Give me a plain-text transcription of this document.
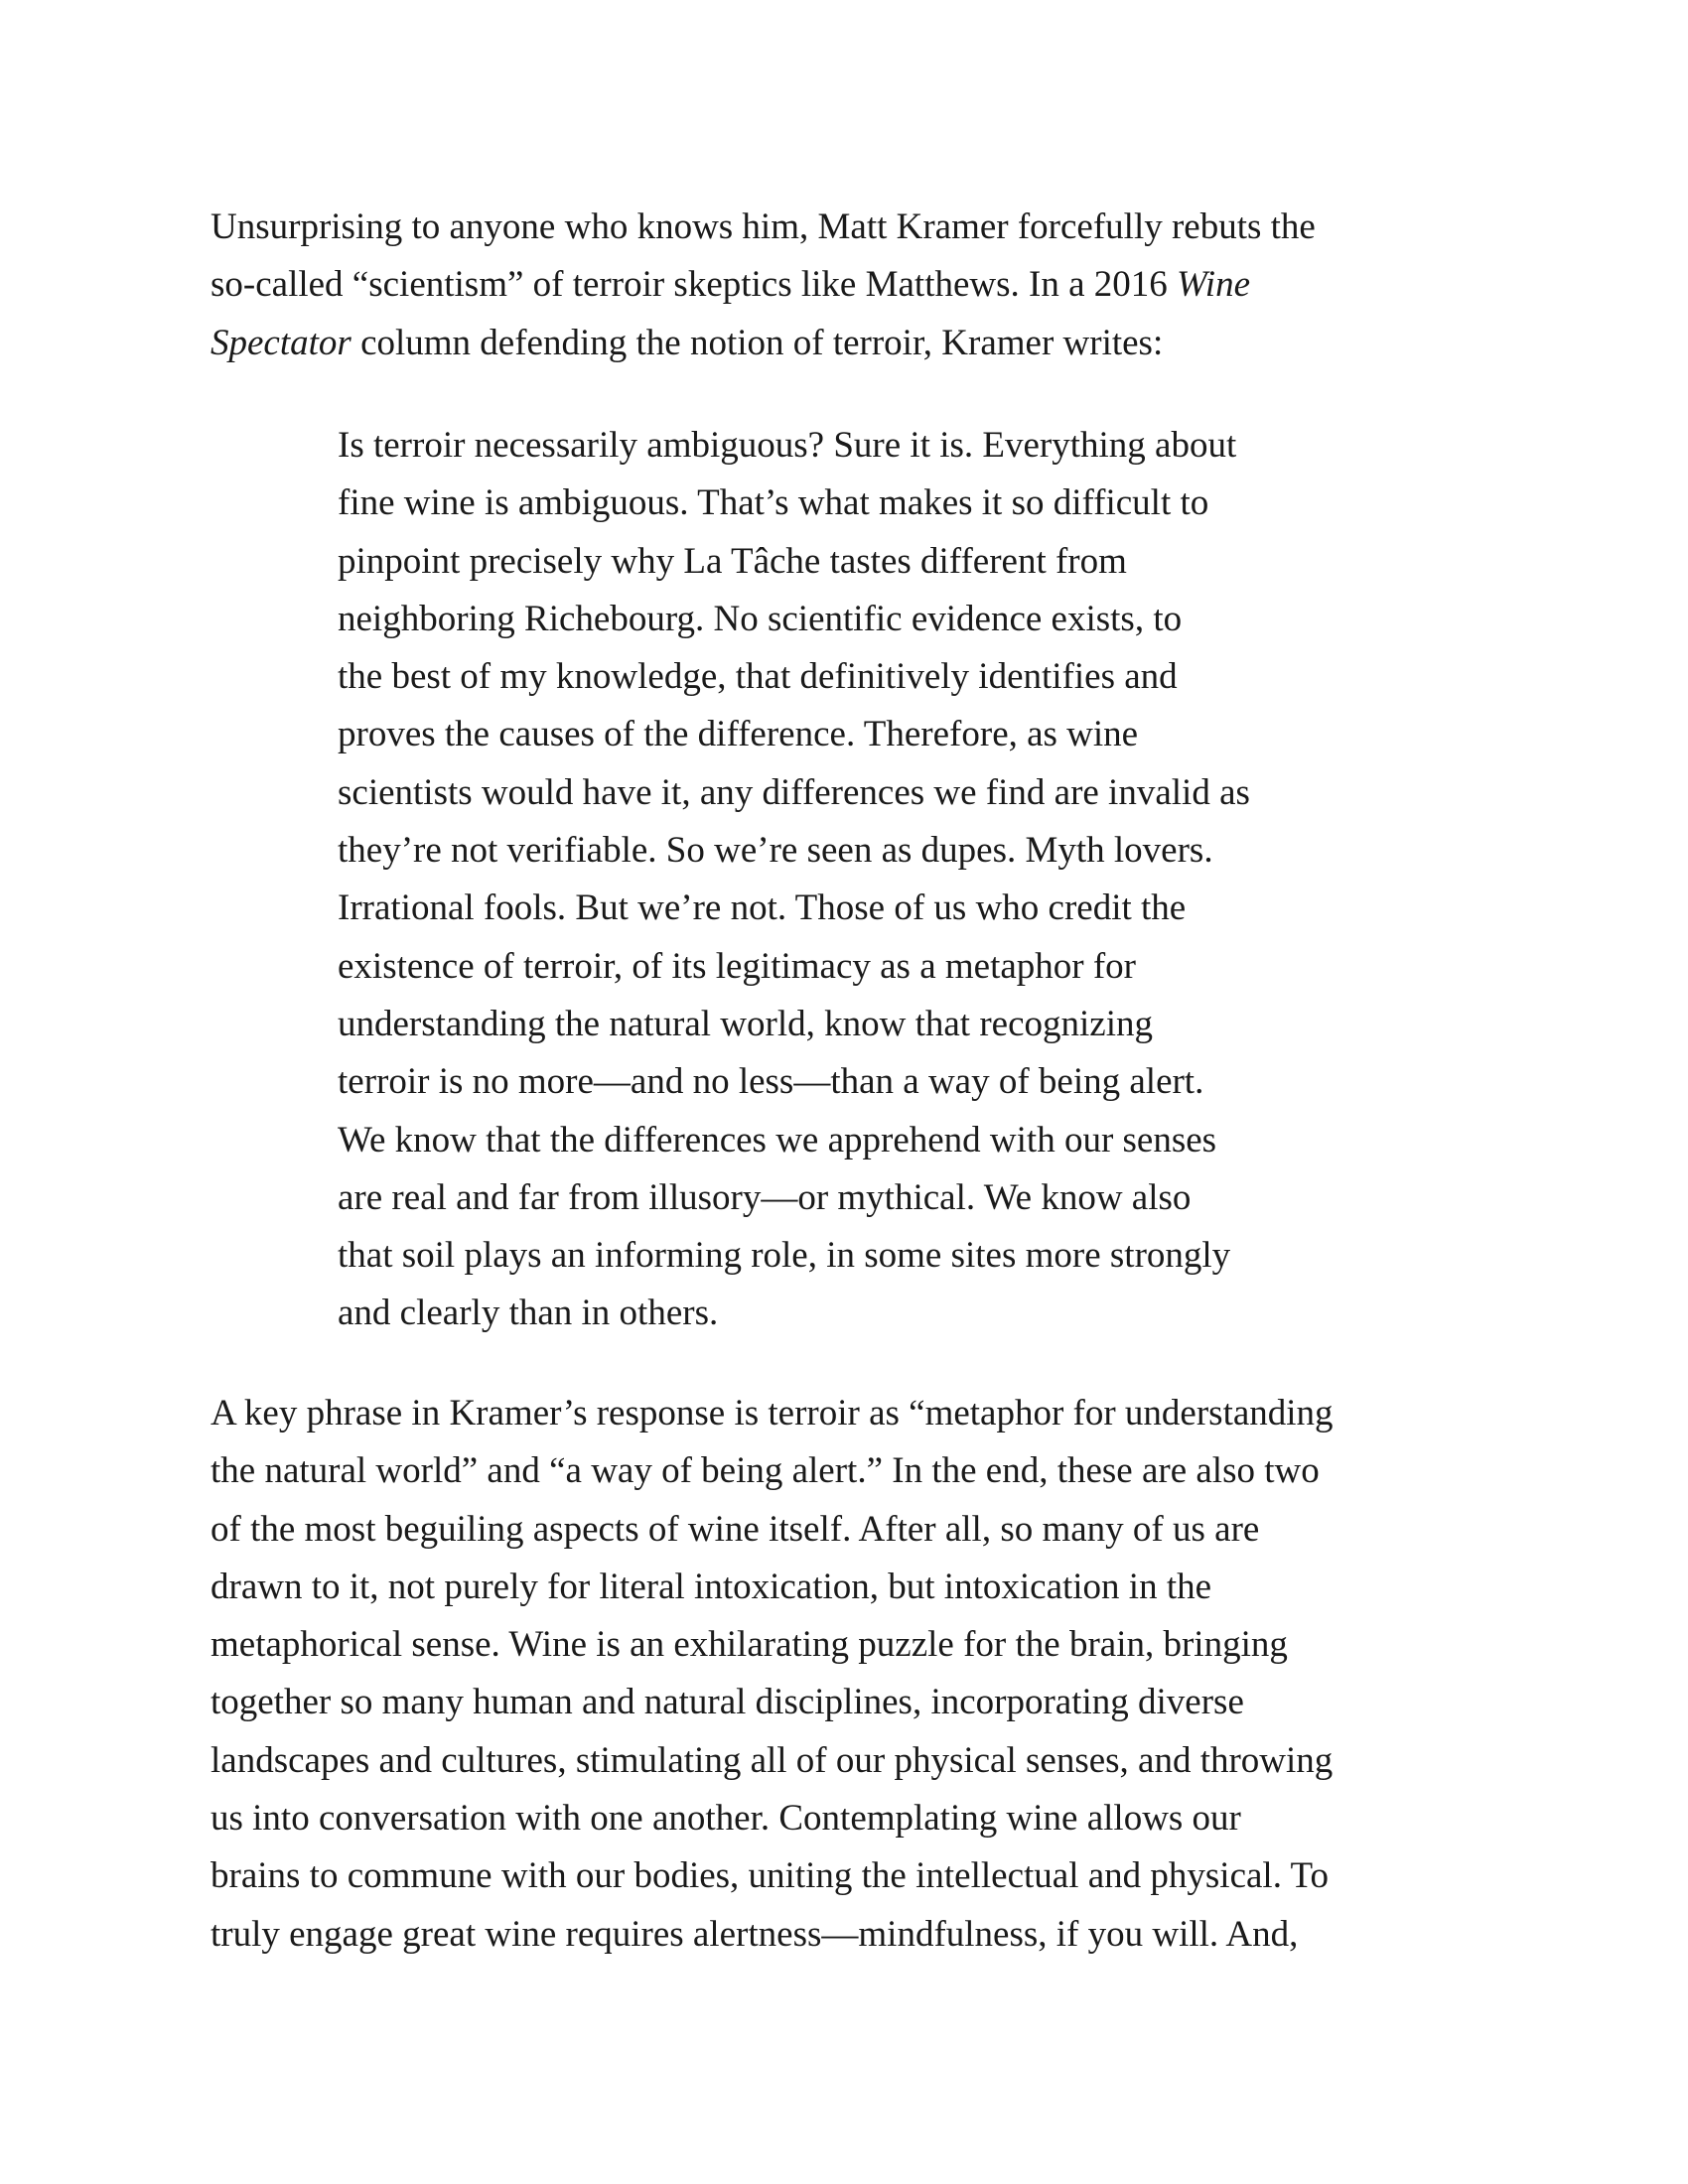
Unsurprising to anyone who knows him, Matt Kramer forcefully rebuts the
so-called “scientism” of terroir skeptics like Matthews. In a 2016 Wine
Spectator column defending the notion of terroir, Kramer writes:

Is terroir necessarily ambiguous? Sure it is. Everything about
fine wine is ambiguous. That’s what makes it so difficult to
pinpoint precisely why La Tâche tastes different from
neighboring Richebourg. No scientific evidence exists, to
the best of my knowledge, that definitively identifies and
proves the causes of the difference. Therefore, as wine
scientists would have it, any differences we find are invalid as
they’re not verifiable. So we’re seen as dupes. Myth lovers.
Irrational fools. But we’re not. Those of us who credit the
existence of terroir, of its legitimacy as a metaphor for
understanding the natural world, know that recognizing
terroir is no more—and no less—than a way of being alert.
We know that the differences we apprehend with our senses
are real and far from illusory—or mythical. We know also
that soil plays an informing role, in some sites more strongly
and clearly than in others.

A key phrase in Kramer’s response is terroir as “metaphor for understanding
the natural world” and “a way of being alert.” In the end, these are also two
of the most beguiling aspects of wine itself. After all, so many of us are
drawn to it, not purely for literal intoxication, but intoxication in the
metaphorical sense. Wine is an exhilarating puzzle for the brain, bringing
together so many human and natural disciplines, incorporating diverse
landscapes and cultures, stimulating all of our physical senses, and throwing
us into conversation with one another. Contemplating wine allows our
brains to commune with our bodies, uniting the intellectual and physical. To
truly engage great wine requires alertness—mindfulness, if you will. And,
